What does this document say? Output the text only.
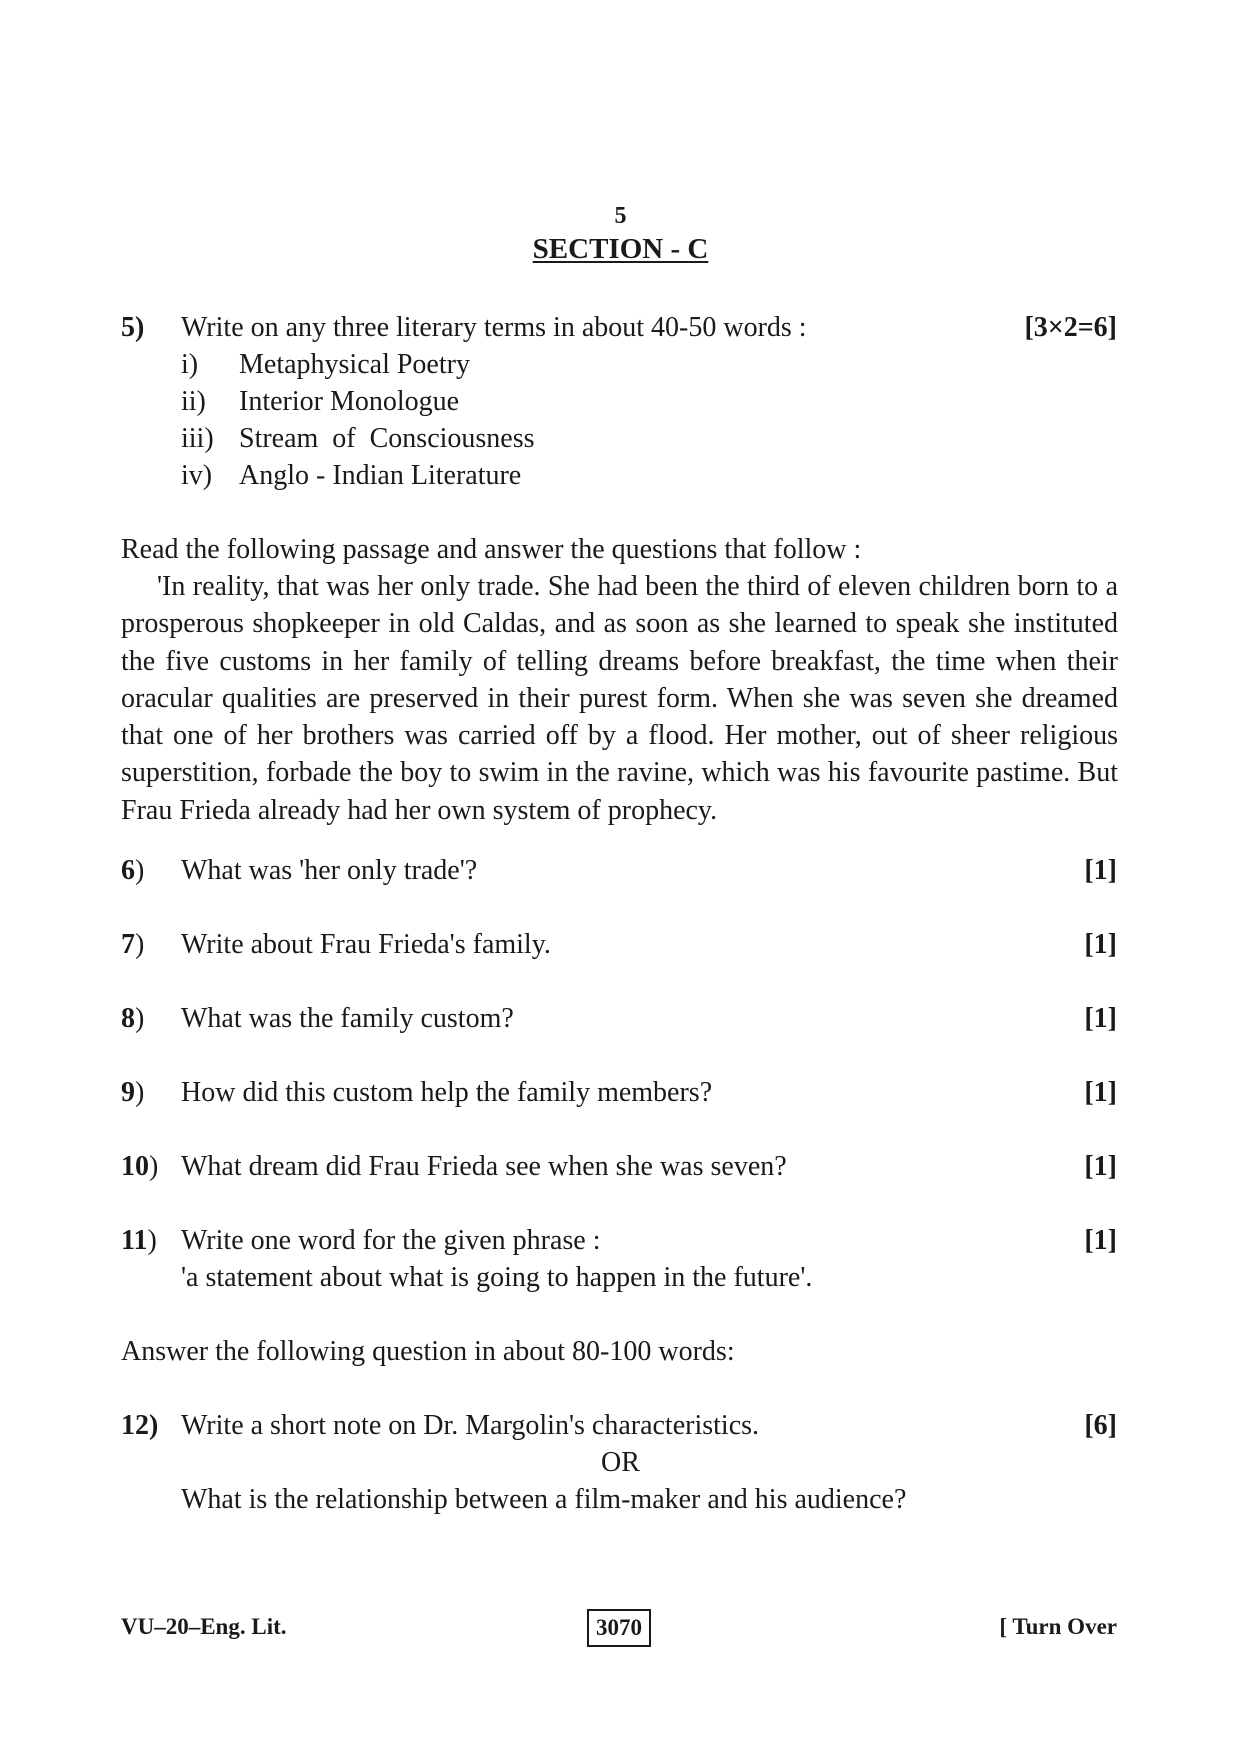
5
SECTION - C
5) Write on any three literary terms in about 40-50 words :	[3×2=6]
i) Metaphysical Poetry
ii) Interior Monologue
iii) Stream  of  Consciousness
iv) Anglo - Indian Literature
Read the following passage and answer the questions that follow :

'In reality, that was her only trade. She had been the third of eleven children born to a prosperous shopkeeper in old Caldas, and as soon as she learned to speak she instituted the five customs in her family of telling dreams before breakfast, the time when their oracular qualities are preserved in their purest form. When she was seven she dreamed that one of her brothers was carried off by a flood. Her mother, out of sheer religious superstition, forbade the boy to swim in the ravine, which was his favourite pastime. But Frau Frieda already had her own system of prophecy.

6) What was 'her only trade'?	[1]
7) Write about Frau Frieda's family.	[1]
8) What was the family custom?	[1]
9) How did this custom help the family members?	[1]
10) What dream did Frau Frieda see when she was seven?	[1]
11) Write one word for the given phrase :	[1]
'a statement about what is going to happen in the future'.
Answer the following question in about 80-100 words:
12) Write a short note on Dr. Margolin's characteristics.	[6]
OR
What is the relationship between a film-maker and his audience?
VU–20–Eng. Lit.	3070	[ Turn Over
